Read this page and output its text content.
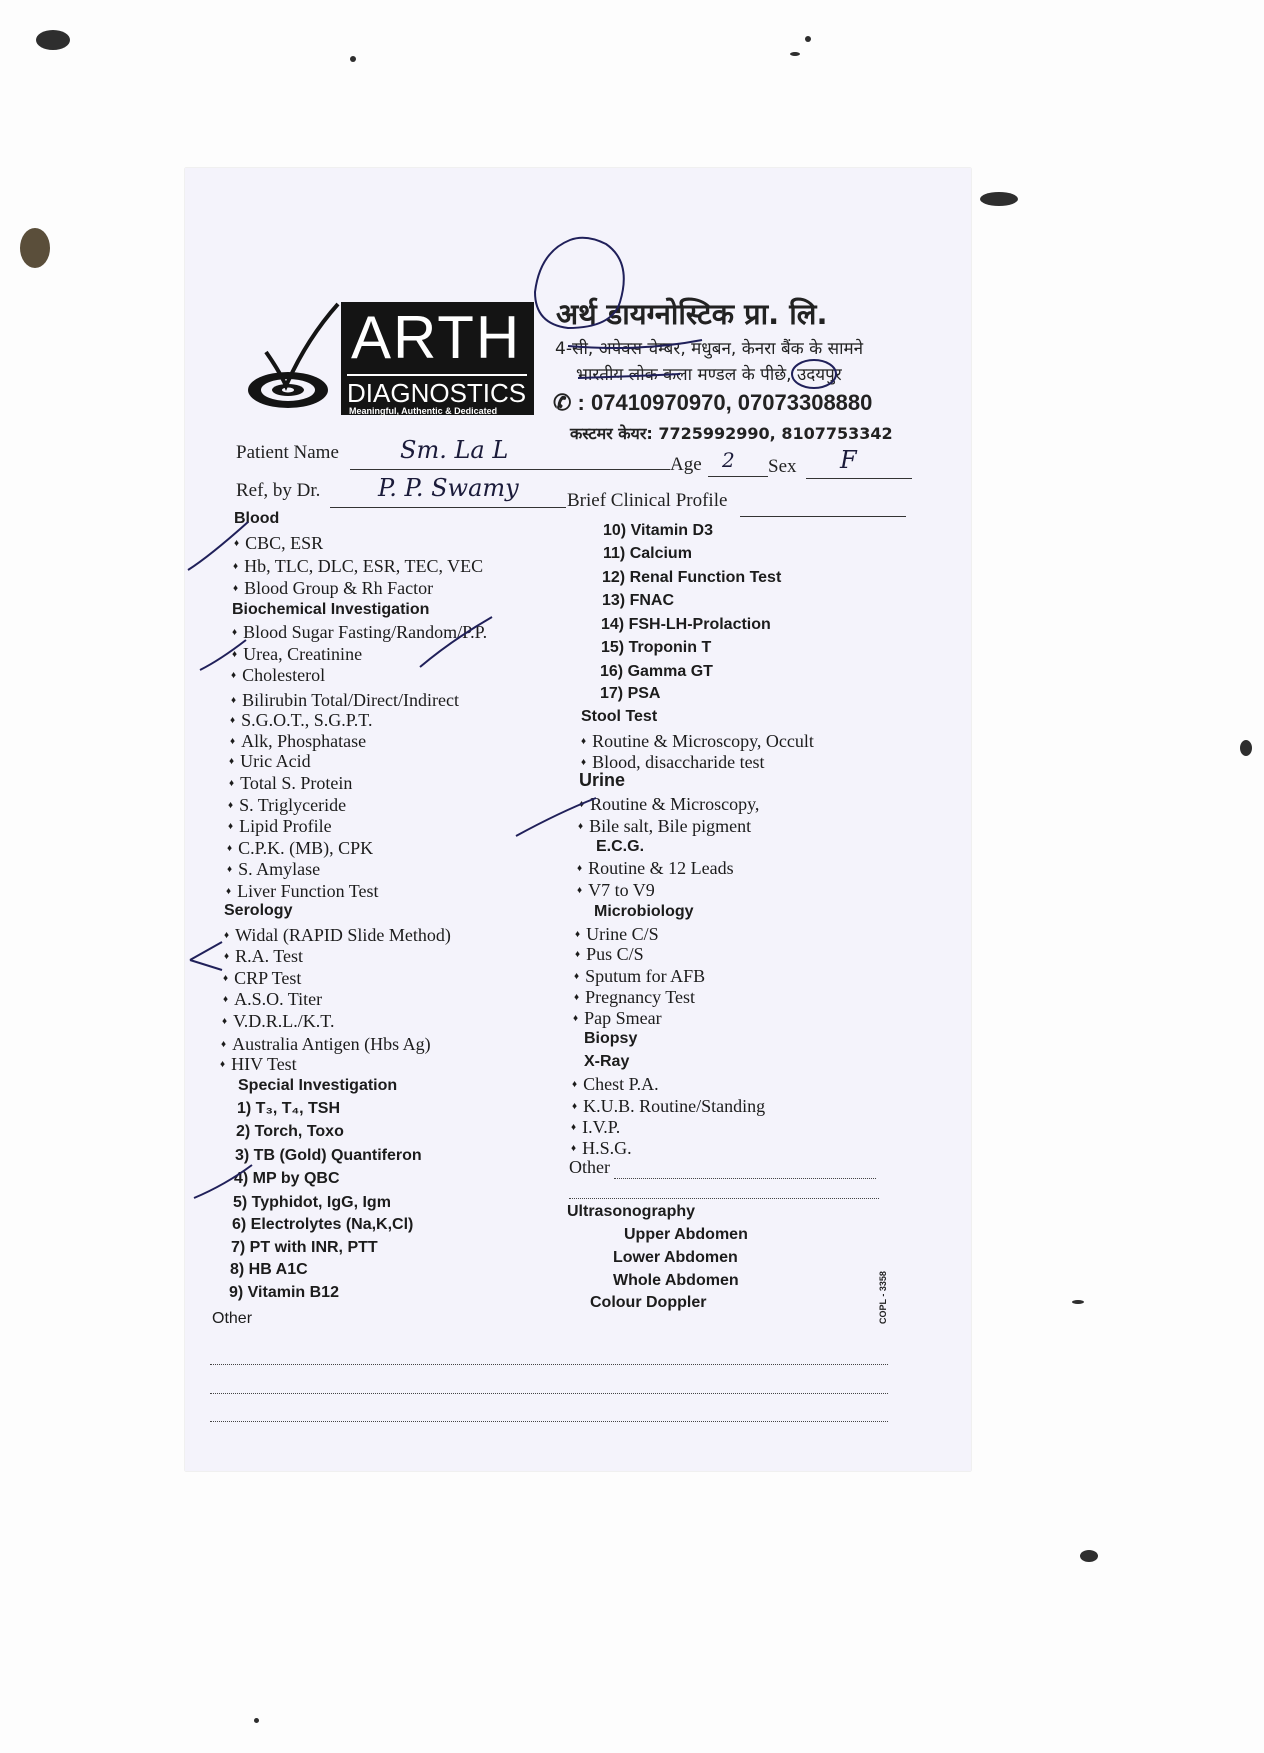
ARTH
DIAGNOSTICS
Meaningful, Authentic & Dedicated
अर्थ डायग्नोस्टिक प्रा. लि.
4-सी, अपेक्स चेम्बर, मधुबन, केनरा बैंक के सामने
भारतीय लोक कला मण्डल के पीछे, उदयपुर
✆ : 07410970970, 07073308880
कस्टमर केयर: 7725992990, 8107753342
Patient Name	Sm. La L
Age 2 Sex F
Ref, by Dr. P. P. Swamy	Brief Clinical Profile
Blood
♦ CBC, ESR
♦ Hb, TLC, DLC, ESR, TEC, VEC
♦ Blood Group & Rh Factor
Biochemical Investigation
♦ Blood Sugar Fasting/Random/P.P.
♦ Urea, Creatinine
♦ Cholesterol
♦ Bilirubin Total/Direct/Indirect
♦ S.G.O.T., S.G.P.T.
♦ Alk, Phosphatase
♦ Uric Acid
♦ Total S. Protein
♦ S. Triglyceride
♦ Lipid Profile
♦ C.P.K. (MB), CPK
♦ S. Amylase
♦ Liver Function Test
Serology
♦ Widal (RAPID Slide Method)
♦ R.A. Test
♦ CRP Test
♦ A.S.O. Titer
♦ V.D.R.L./K.T.
♦ Australia Antigen (Hbs Ag)
♦ HIV Test
Special Investigation
1) T₃, T₄, TSH
2) Torch, Toxo
3) TB (Gold) Quantiferon
4) MP by QBC
5) Typhidot, IgG, Igm
6) Electrolytes (Na,K,Cl)
7) PT with INR, PTT
8) HB A1C
9) Vitamin B12
Other
10) Vitamin D3
11) Calcium
12) Renal Function Test
13) FNAC
14) FSH-LH-Prolaction
15) Troponin T
16) Gamma GT
17) PSA
Stool Test
♦ Routine & Microscopy, Occult
♦ Blood, disaccharide test
Urine
♦ Routine & Microscopy,
♦ Bile salt, Bile pigment
E.C.G.
♦ Routine & 12 Leads
♦ V7 to V9
Microbiology
♦ Urine C/S
♦ Pus C/S
♦ Sputum for AFB
♦ Pregnancy Test
♦ Pap Smear
Biopsy
X-Ray
♦ Chest P.A.
♦ K.U.B. Routine/Standing
♦ I.V.P.
♦ H.S.G.
Other
Ultrasonography
Upper Abdomen
Lower Abdomen
Whole Abdomen
Colour Doppler	COPL - 3358
